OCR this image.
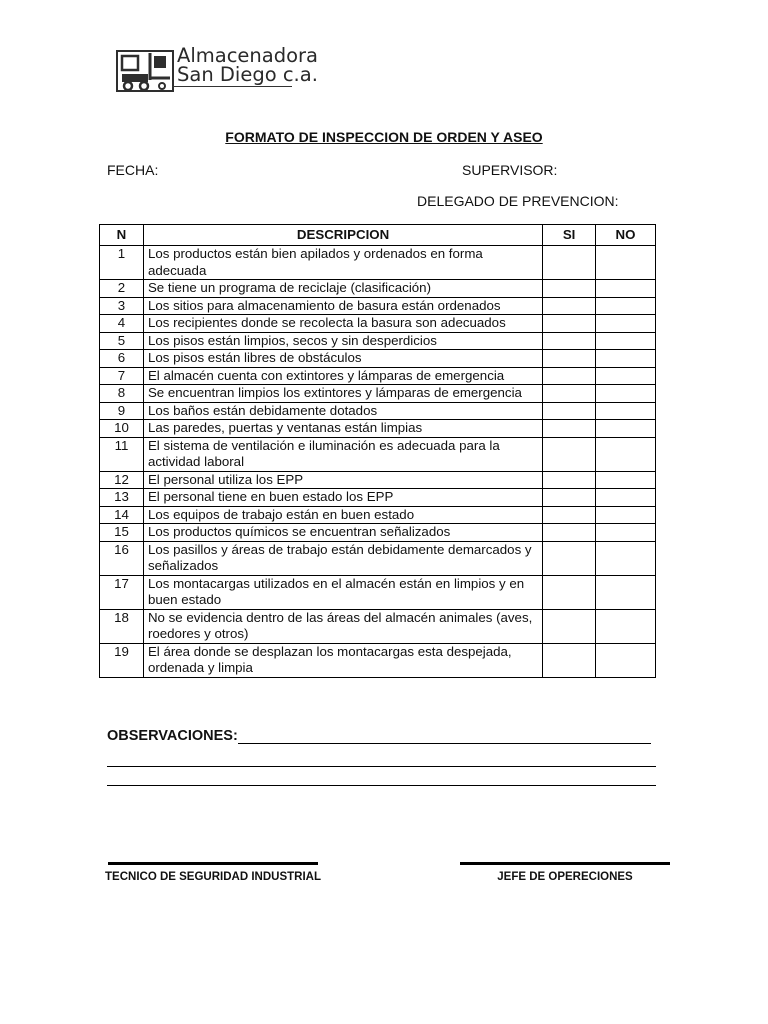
Almacenadora
San Diego c.a.
FORMATO DE INSPECCION DE ORDEN Y ASEO
FECHA:	SUPERVISOR:
DELEGADO DE PREVENCION:
N	DESCRIPCION	SI	NO
1	Los productos están bien apilados y ordenados en forma adecuada		
2	Se tiene un programa de reciclaje (clasificación)		
3	Los sitios para almacenamiento de basura están ordenados		
4	Los recipientes donde se recolecta la basura son adecuados		
5	Los pisos están limpios, secos y sin desperdicios		
6	Los pisos están libres de obstáculos		
7	El almacén cuenta con extintores y lámparas de emergencia		
8	Se encuentran limpios los extintores y lámparas de emergencia		
9	Los baños están debidamente dotados		
10	Las paredes, puertas y ventanas están limpias		
11	El sistema de ventilación e iluminación es adecuada para la actividad laboral		
12	El personal utiliza los EPP		
13	El personal tiene en buen estado los EPP		
14	Los equipos de trabajo están en buen estado		
15	Los productos químicos se encuentran señalizados		
16	Los pasillos y áreas de trabajo están debidamente demarcados y señalizados		
17	Los montacargas utilizados en el almacén están en limpios y en buen estado		
18	No se evidencia dentro de las áreas del almacén animales (aves, roedores y otros)		
19	El área donde se desplazan los montacargas esta despejada, ordenada y limpia		
OBSERVACIONES:
TECNICO DE SEGURIDAD INDUSTRIAL	JEFE DE OPERECIONES
